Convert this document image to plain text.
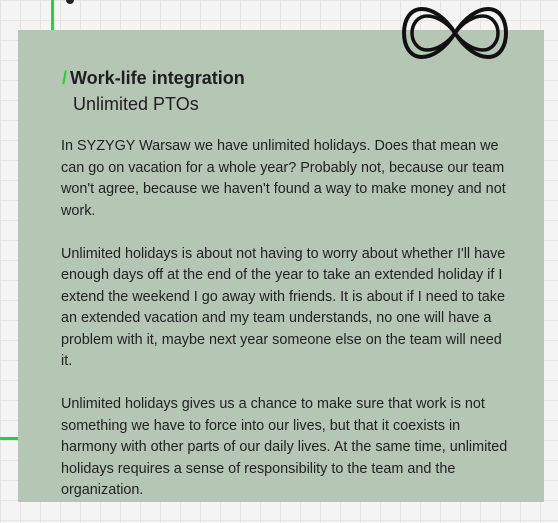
/ Work-life integration
Unlimited PTOs

In SYZYGY Warsaw we have unlimited holidays. Does that mean we can go on vacation for a whole year? Probably not, because our team won't agree, because we haven't found a way to make money and not work.

Unlimited holidays is about not having to worry about whether I'll have enough days off at the end of the year to take an extended holiday if I extend the weekend I go away with friends. It is about if I need to take an extended vacation and my team understands, no one will have a problem with it, maybe next year someone else on the team will need it.

Unlimited holidays gives us a chance to make sure that work is not something we have to force into our lives, but that it coexists in harmony with other parts of our daily lives. At the same time, unlimited holidays requires a sense of responsibility to the team and the organization.
